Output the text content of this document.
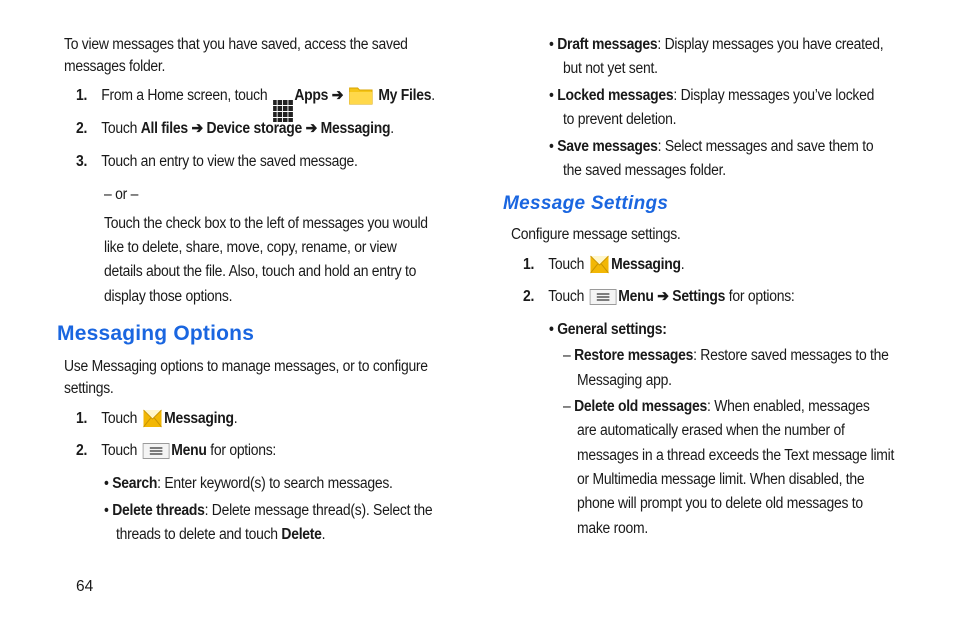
To view messages that you have saved, access the saved
messages folder.
1. From a Home screen, touch Apps ➔ My Files.
2. Touch All files ➔ Device storage ➔ Messaging.
3. Touch an entry to view the saved message.
– or –
Touch the check box to the left of messages you would
like to delete, share, move, copy, rename, or view
details about the file. Also, touch and hold an entry to
display those options.
Messaging Options
Use Messaging options to manage messages, or to configure
settings.
1. Touch Messaging.
2. Touch Menu for options:
• Search: Enter keyword(s) to search messages.
• Delete threads: Delete message thread(s). Select the
threads to delete and touch Delete.
• Draft messages: Display messages you have created,
but not yet sent.
• Locked messages: Display messages you’ve locked
to prevent deletion.
• Save messages: Select messages and save them to
the saved messages folder.
Message Settings
Configure message settings.
1. Touch Messaging.
2. Touch Menu ➔ Settings for options:
• General settings:
– Restore messages: Restore saved messages to the
Messaging app.
– Delete old messages: When enabled, messages
are automatically erased when the number of
messages in a thread exceeds the Text message limit
or Multimedia message limit. When disabled, the
phone will prompt you to delete old messages to
make room.
64
